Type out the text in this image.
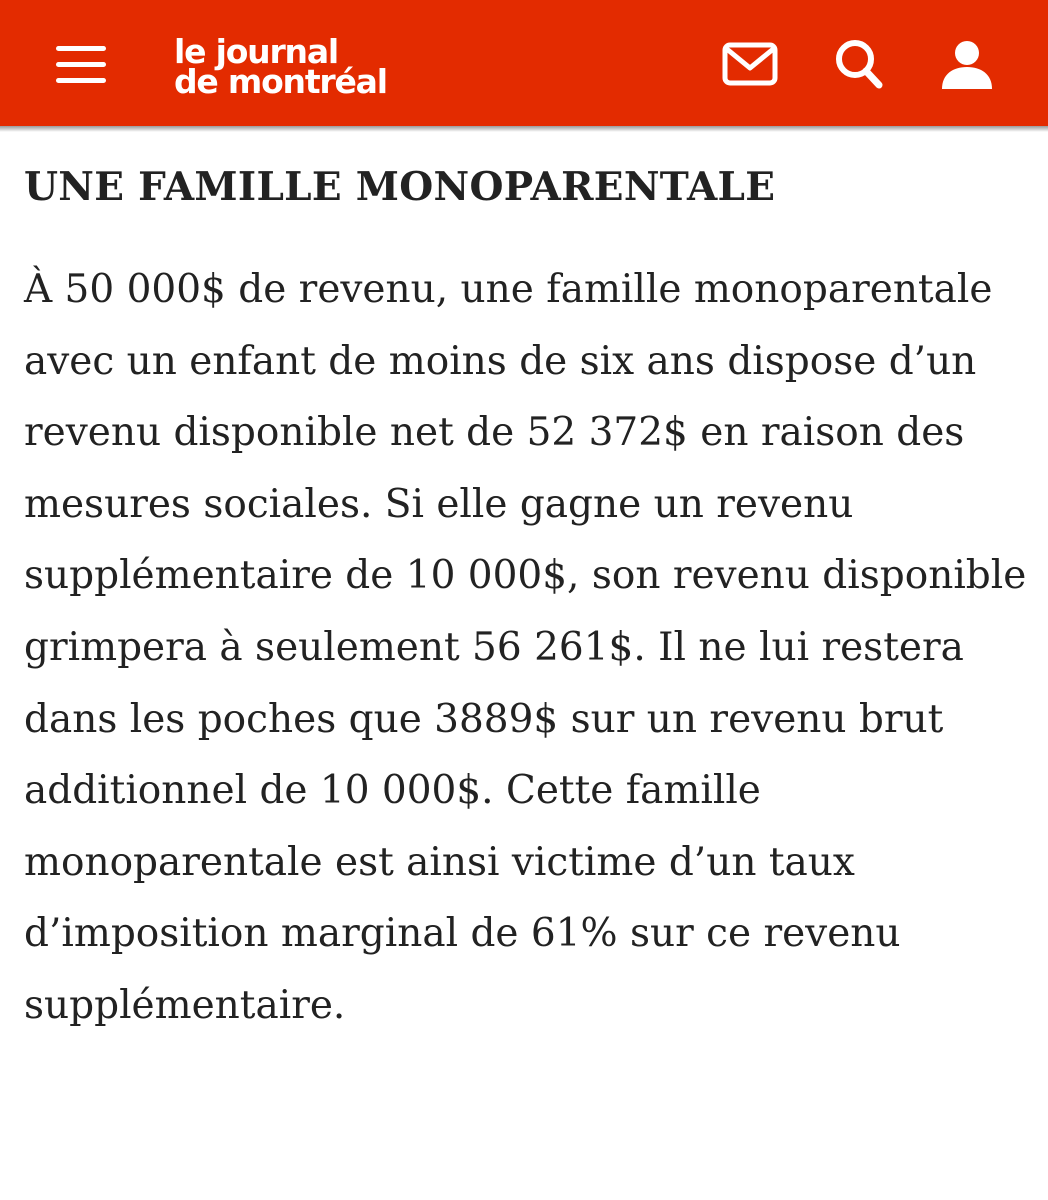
le journal
de montréal
UNE FAMILLE MONOPARENTALE

À 50 000$ de revenu, une famille monoparentale avec un enfant de moins de six ans dispose d’un revenu disponible net de 52 372$ en raison des mesures sociales. Si elle gagne un revenu supplémentaire de 10 000$, son revenu disponible grimpera à seulement 56 261$. Il ne lui restera dans les poches que 3889$ sur un revenu brut additionnel de 10 000$. Cette famille monoparentale est ainsi victime d’un taux d’imposition marginal de 61% sur ce revenu supplémentaire.
